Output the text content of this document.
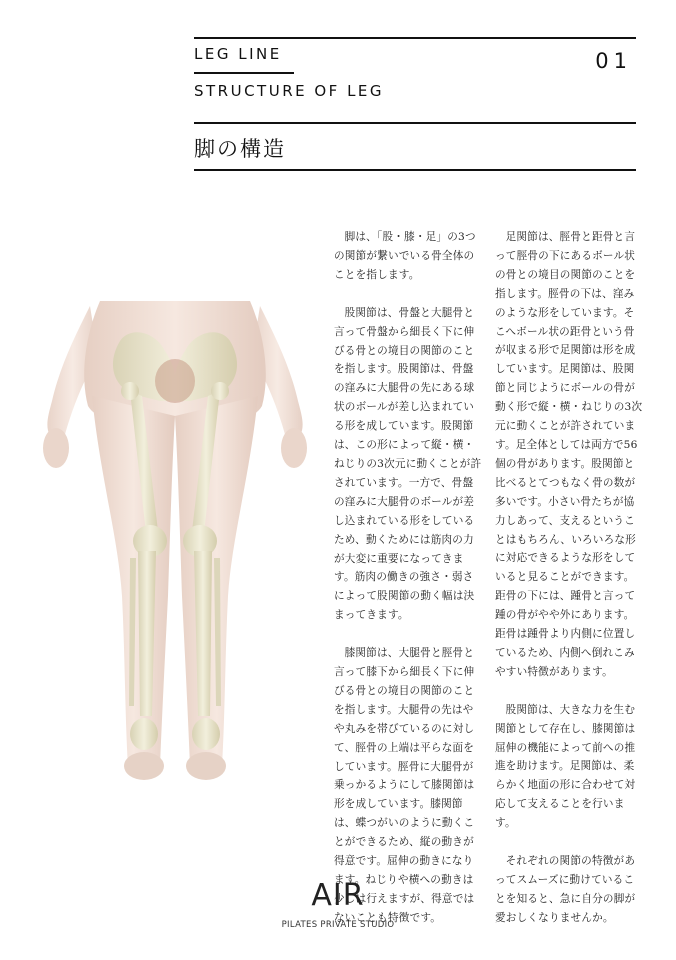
LEG LINE	01
STRUCTURE OF LEG
脚の構造

脚は、「股・膝・足」の3つの関節が繋いでいる骨全体のことを指します。

股関節は、骨盤と大腿骨と言って骨盤から細長く下に伸びる骨との境目の関節のことを指します。股関節は、骨盤の窪みに大腿骨の先にある球状のボールが差し込まれている形を成しています。股関節は、この形によって縦・横・ねじりの3次元に動くことが許されています。一方で、骨盤の窪みに大腿骨のボールが差し込まれている形をしているため、動くためには筋肉の力が大変に重要になってきます。筋肉の働きの強さ・弱さによって股関節の動く幅は決まってきます。

膝関節は、大腿骨と脛骨と言って膝下から細長く下に伸びる骨との境目の関節のことを指します。大腿骨の先はやや丸みを帯びているのに対して、脛骨の上端は平らな面をしています。脛骨に大腿骨が乗っかるようにして膝関節は形を成しています。膝関節は、蝶つがいのように動くことができるため、縦の動きが得意です。屈伸の動きになります。ねじりや横への動きは少しは行えますが、得意ではないことも特徴です。

足関節は、脛骨と距骨と言って脛骨の下にあるボール状の骨との境目の関節のことを指します。脛骨の下は、窪みのような形をしています。そこへボール状の距骨という骨が収まる形で足関節は形を成しています。足関節は、股関節と同じようにボールの骨が動く形で縦・横・ねじりの3次元に動くことが許されています。足全体としては両方で56個の骨があります。股関節と比べるとてつもなく骨の数が多いです。小さい骨たちが協力しあって、支えるということはもちろん、いろいろな形に対応できるような形をしていると見ることができます。距骨の下には、踵骨と言って踵の骨がやや外にあります。距骨は踵骨より内側に位置しているため、内側へ倒れこみやすい特徴があります。

股関節は、大きな力を生む関節として存在し、膝関節は屈伸の機能によって前への推進を助けます。足関節は、柔らかく地面の形に合わせて対応して支えることを行います。

それぞれの関節の特徴があってスムーズに動けていることを知ると、急に自分の脚が愛おしくなりませんか。

AIR
PILATES PRIVATE STUDIO
